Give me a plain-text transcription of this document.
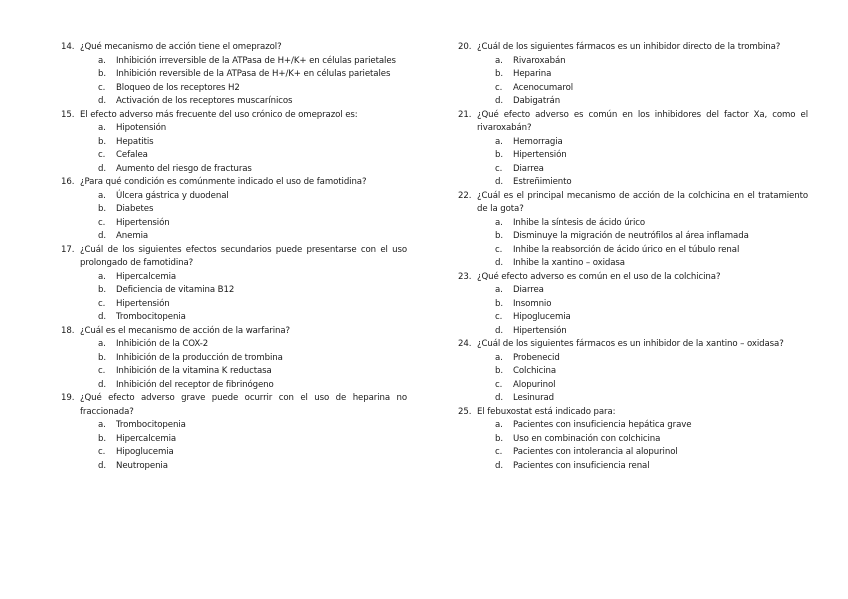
14. ¿Qué mecanismo de acción tiene el omeprazol?
a.	Inhibición irreversible de la ATPasa de H+/K+ en células parietales
b.	Inhibición reversible de la ATPasa de H+/K+ en células parietales
c.	Bloqueo de los receptores H2
d.	Activación de los receptores muscarínicos
15. El efecto adverso más frecuente del uso crónico de omeprazol es:
a.	Hipotensión
b.	Hepatitis
c.	Cefalea
d.	Aumento del riesgo de fracturas
16. ¿Para qué condición es comúnmente indicado el uso de famotidina?
a.	Úlcera gástrica y duodenal
b.	Diabetes
c.	Hipertensión
d.	Anemia
17. ¿Cuál de los siguientes efectos secundarios puede presentarse con el uso prolongado de famotidina?
a.	Hipercalcemia
b.	Deficiencia de vitamina B12
c.	Hipertensión
d.	Trombocitopenia
18. ¿Cuál es el mecanismo de acción de la warfarina?
a.	Inhibición de la COX-2
b.	Inhibición de la producción de trombina
c.	Inhibición de la vitamina K reductasa
d.	Inhibición del receptor de fibrinógeno
19. ¿Qué efecto adverso grave puede ocurrir con el uso de heparina no fraccionada?
a.	Trombocitopenia
b.	Hipercalcemia
c.	Hipoglucemia
d.	Neutropenia
20. ¿Cuál de los siguientes fármacos es un inhibidor directo de la trombina?
a.	Rivaroxabán
b.	Heparina
c.	Acenocumarol
d.	Dabigatrán
21. ¿Qué efecto adverso es común en los inhibidores del factor Xa, como el rivaroxabán?
a.	Hemorragia
b.	Hipertensión
c.	Diarrea
d.	Estreñimiento
22. ¿Cuál es el principal mecanismo de acción de la colchicina en el tratamiento de la gota?
a.	Inhibe la síntesis de ácido úrico
b.	Disminuye la migración de neutrófilos al área inflamada
c.	Inhibe la reabsorción de ácido úrico en el túbulo renal
d.	Inhibe la xantino – oxidasa
23. ¿Qué efecto adverso es común en el uso de la colchicina?
a.	Diarrea
b.	Insomnio
c.	Hipoglucemia
d.	Hipertensión
24. ¿Cuál de los siguientes fármacos es un inhibidor de la xantino – oxidasa?
a.	Probenecid
b.	Colchicina
c.	Alopurinol
d.	Lesinurad
25. El febuxostat está indicado para:
a.	Pacientes con insuficiencia hepática grave
b.	Uso en combinación con colchicina
c.	Pacientes con intolerancia al alopurinol
d.	Pacientes con insuficiencia renal
